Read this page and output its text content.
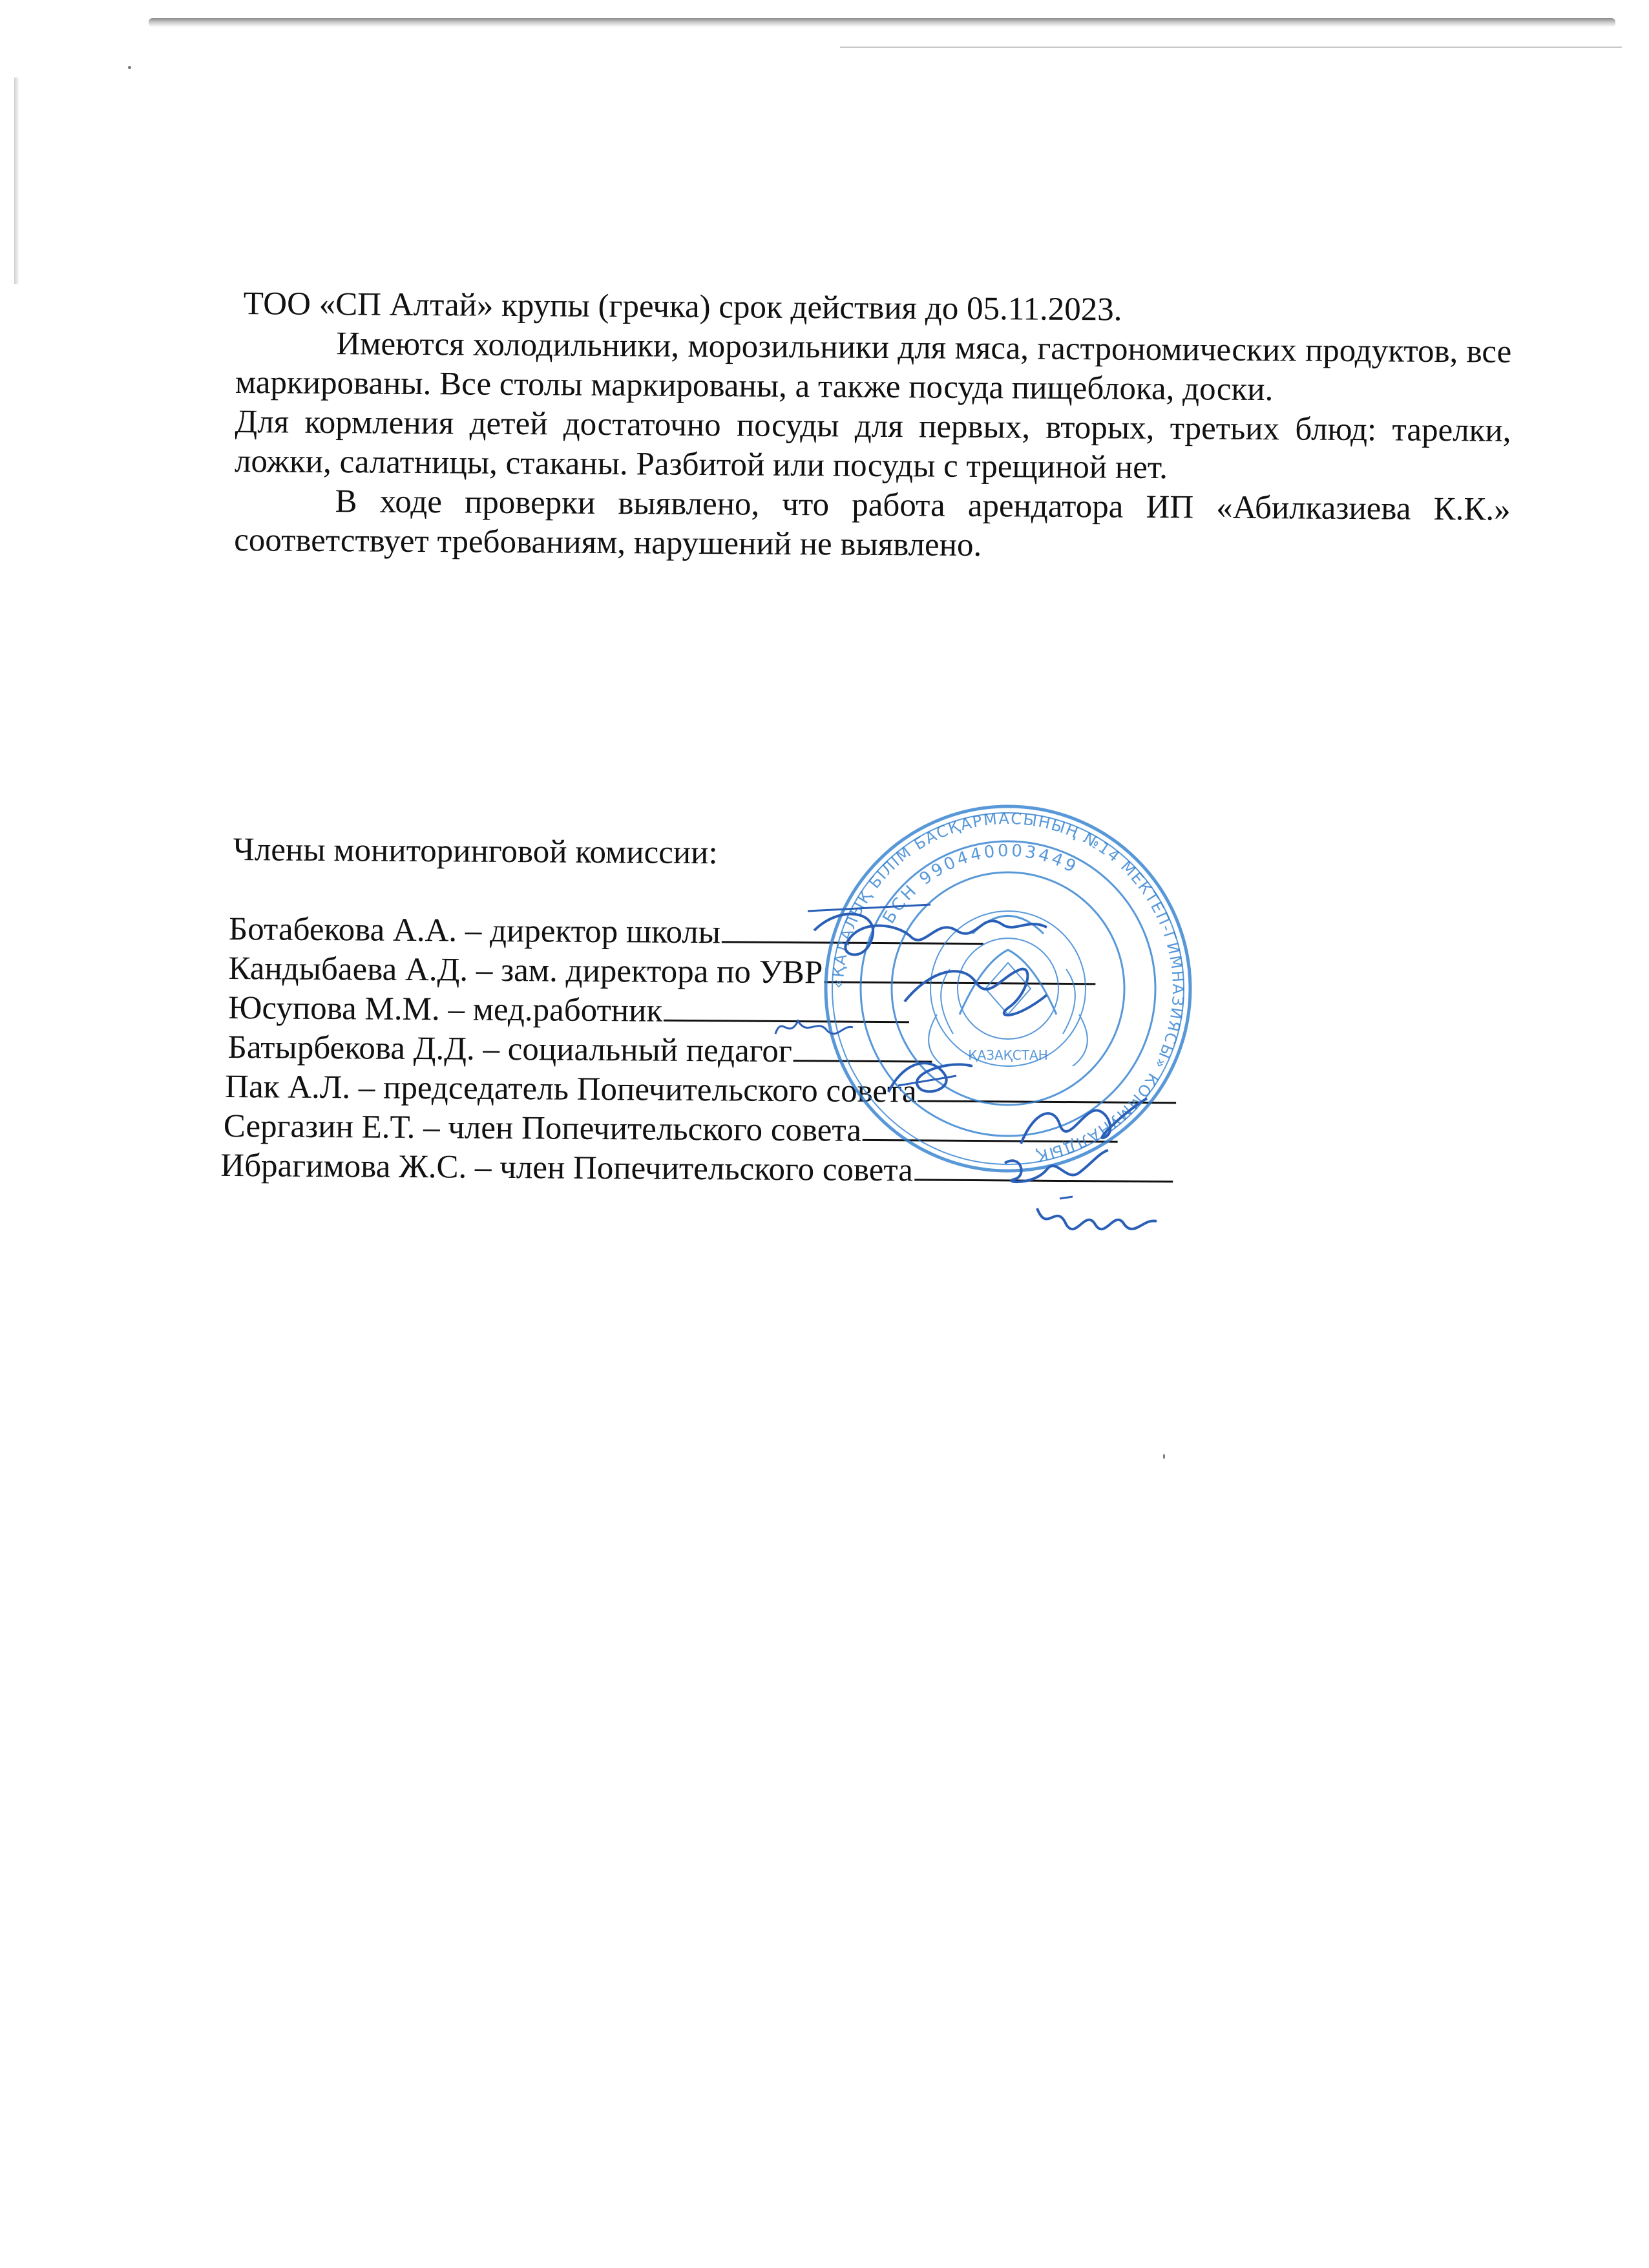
ТОО «СП Алтай» крупы (гречка) срок действия до 05.11.2023.

Имеются холодильники, морозильники для мяса, гастрономических продуктов, все маркированы. Все столы маркированы, а также посуда пищеблока, доски.

Для кормления детей достаточно посуды для первых, вторых, третьих блюд: тарелки, ложки, салатницы, стаканы. Разбитой или посуды с трещиной нет.

В ходе проверки выявлено, что работа арендатора ИП «Абилказиева К.К.» соответствует требованиям, нарушений не выявлено.

Члены мониторинговой комиссии:
Ботабекова А.А. – директор школы
Кандыбаева А.Д. – зам. директора по УВР
Юсупова М.М. – мед.работник
Батырбекова Д.Д. – социальный педагог
Пак А.Л. – председатель Попечительского совета
Сергазин Е.Т. – член Попечительского совета
Ибрагимова Ж.С. – член Попечительского совета
«ҚАЛАЛЫҚ БІЛІМ БАСҚАРМАСЫНЫҢ №14 МЕКТЕП-ГИМНАЗИЯСЫ» КОММУНАЛДЫҚ
БСН 990440003449
ҚАЗАҚСТАН
